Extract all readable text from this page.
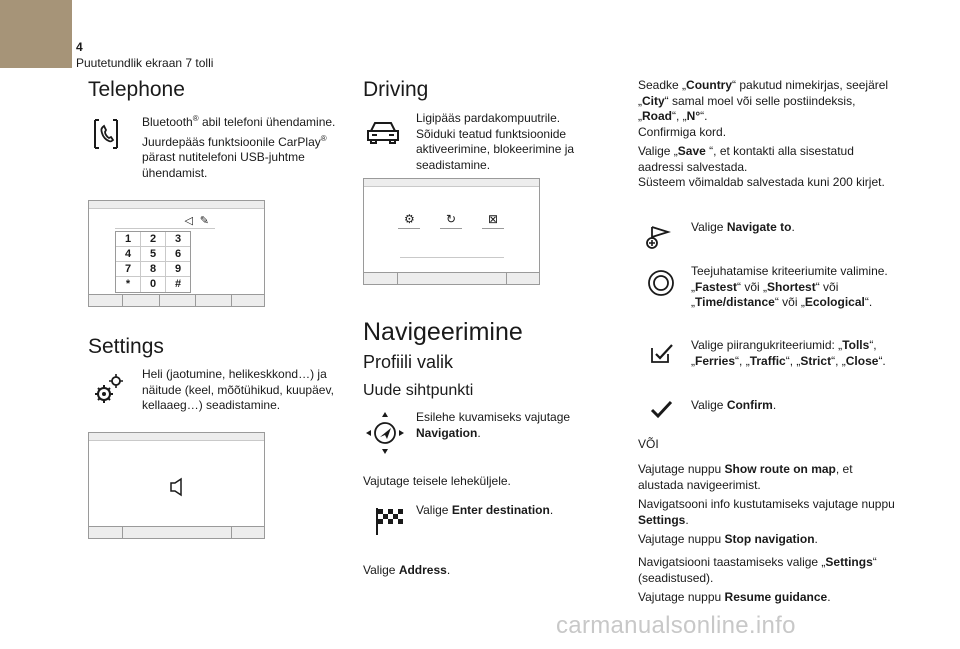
4
Puutetundlik ekraan 7 tolli
Telephone
Bluetooth® abil telefoni ühendamine. Juurdepääs funktsioonile CarPlay® pärast nutitelefoni USB-juhtme ühendamist.
◁ ✎
1	2	3
4	5	6
7	8	9
*	0	#
Settings
Heli (jaotumine, helikeskkond…) ja näitude (keel, mõõtühikud, kuupäev, kellaaeg…) seadistamine.
Driving
Ligipääs pardakompuutrile. Sõiduki teatud funktsioonide aktiveerimine, blokeerimine ja seadistamine.
⚙	↻	⊠
Navigeerimine
Profiili valik
Uude sihtpunkti
Esilehe kuvamiseks vajutage Navigation.
Vajutage teisele leheküljele.
Valige Enter destination.
Valige Address.
Seadke „Country“ pakutud nimekirjas, seejärel „City“ samal moel või selle postiindeksis, „Road“, „N°“.
Confirmiga kord.
Valige „Save “, et kontakti alla sisestatud aadressi salvestada.
Süsteem võimaldab salvestada kuni 200 kirjet.
Valige Navigate to.
Teejuhatamise kriteeriumite valimine. „Fastest“ või „Shortest“ või „Time/distance“ või „Ecological“.
Valige piirangukriteeriumid: „Tolls“, „Ferries“, „Traffic“, „Strict“, „Close“.
Valige Confirm.
VÕI
Vajutage nuppu Show route on map, et alustada navigeerimist.
Navigatsooni info kustutamiseks vajutage nuppu Settings.
Vajutage nuppu Stop navigation.
Navigatsiooni taastamiseks valige „Settings“ (seadistused).
Vajutage nuppu Resume guidance.
carmanualsonline.info
